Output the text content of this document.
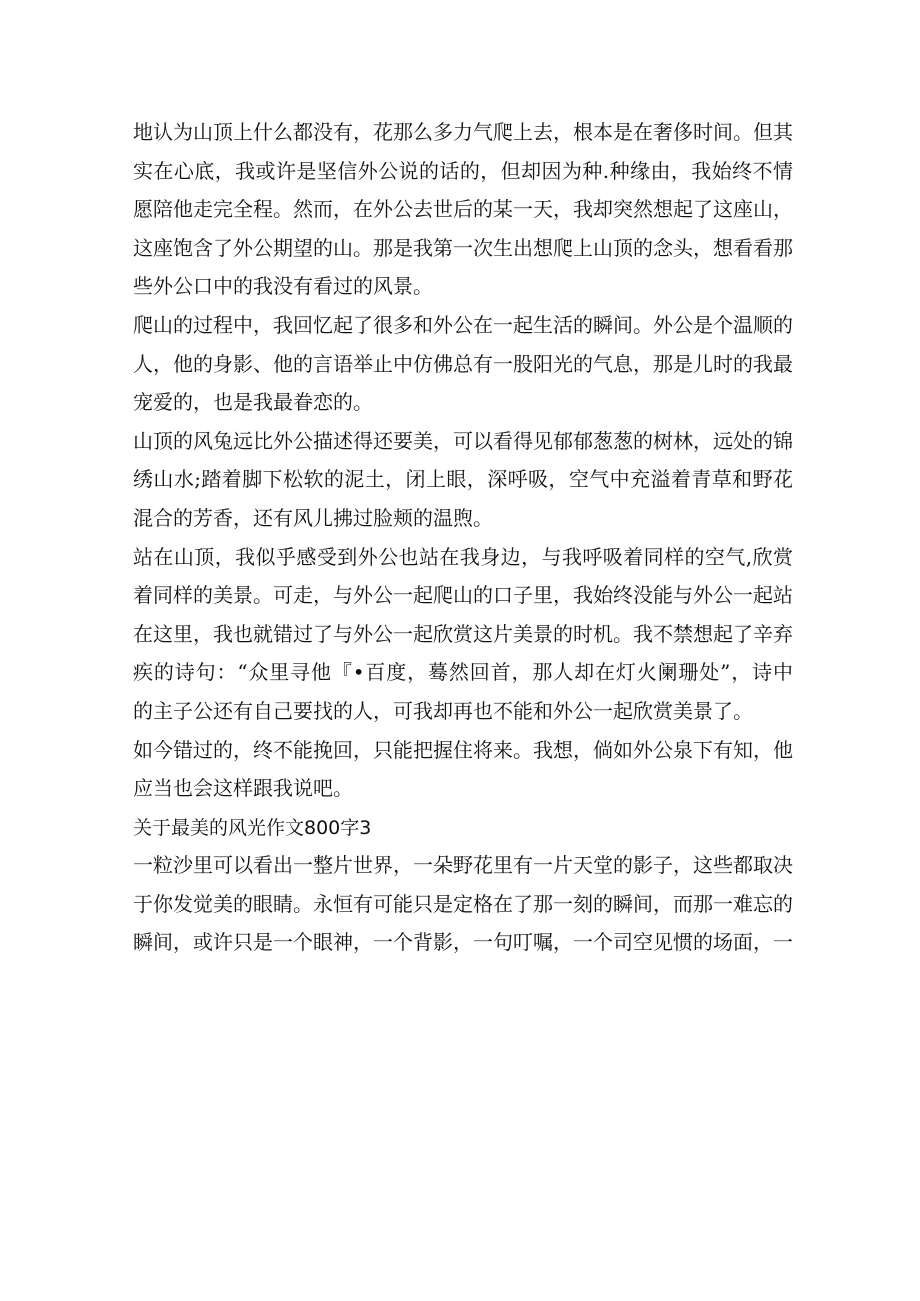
地认为山顶上什么都没有，花那么多力气爬上去，根本是在奢侈时间。但其
实在心底，我或许是坚信外公说的话的，但却因为种.种缘由，我始终不情
愿陪他走完全程。然而，在外公去世后的某一天，我却突然想起了这座山，
这座饱含了外公期望的山。那是我第一次生出想爬上山顶的念头，想看看那
些外公口中的我没有看过的风景。
爬山的过程中，我回忆起了很多和外公在一起生活的瞬间。外公是个温顺的
人，他的身影、他的言语举止中仿佛总有一股阳光的气息，那是儿时的我最
宠爱的，也是我最眷恋的。
山顶的风兔远比外公描述得还要美，可以看得见郁郁葱葱的树林，远处的锦
绣山水;踏着脚下松软的泥土，闭上眼，深呼吸，空气中充溢着青草和野花
混合的芳香，还有风儿拂过脸颊的温煦。
站在山顶，我似乎感受到外公也站在我身边，与我呼吸着同样的空气,欣赏
着同样的美景。可走，与外公一起爬山的口子里，我始终没能与外公一起站
在这里，我也就错过了与外公一起欣赏这片美景的时机。我不禁想起了辛弃
疾的诗句：“众里寻他『•百度，蓦然回首，那人却在灯火阑珊处”，诗中
的主子公还有自己要找的人，可我却再也不能和外公一起欣赏美景了。
如今错过的，终不能挽回，只能把握住将来。我想，倘如外公泉下有知，他
应当也会这样跟我说吧。
关于最美的风光作文800字3
一粒沙里可以看出一整片世界，一朵野花里有一片天堂的影子，这些都取决
于你发觉美的眼睛。永恒有可能只是定格在了那一刻的瞬间，而那一难忘的
瞬间，或许只是一个眼神，一个背影，一句叮嘱，一个司空见惯的场面，一
